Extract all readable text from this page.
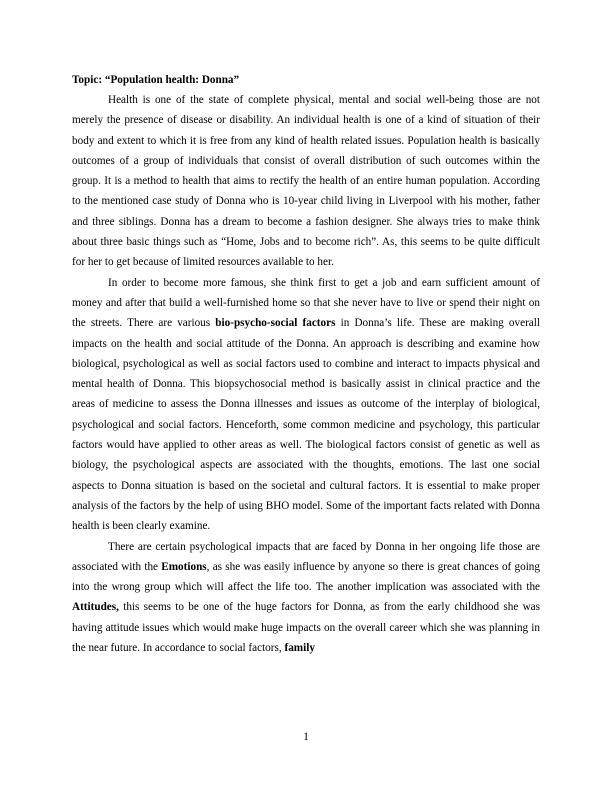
Topic: “Population health: Donna”

Health is one of the state of complete physical, mental and social well-being those are not merely the presence of disease or disability. An individual health is one of a kind of situation of their body and extent to which it is free from any kind of health related issues. Population health is basically outcomes of a group of individuals that consist of overall distribution of such outcomes within the group. It is a method to health that aims to rectify the health of an entire human population. According to the mentioned case study of Donna who is 10-year child living in Liverpool with his mother, father and three siblings. Donna has a dream to become a fashion designer. She always tries to make think about three basic things such as “Home, Jobs and to become rich”. As, this seems to be quite difficult for her to get because of limited resources available to her.

In order to become more famous, she think first to get a job and earn sufficient amount of money and after that build a well-furnished home so that she never have to live or spend their night on the streets. There are various bio-psycho-social factors in Donna’s life. These are making overall impacts on the health and social attitude of the Donna. An approach is describing and examine how biological, psychological as well as social factors used to combine and interact to impacts physical and mental health of Donna. This biopsychosocial method is basically assist in clinical practice and the areas of medicine to assess the Donna illnesses and issues as outcome of the interplay of biological, psychological and social factors. Henceforth, some common medicine and psychology, this particular factors would have applied to other areas as well. The biological factors consist of genetic as well as biology, the psychological aspects are associated with the thoughts, emotions. The last one social aspects to Donna situation is based on the societal and cultural factors. It is essential to make proper analysis of the factors by the help of using BHO model. Some of the important facts related with Donna health is been clearly examine.

There are certain psychological impacts that are faced by Donna in her ongoing life those are associated with the Emotions, as she was easily influence by anyone so there is great chances of going into the wrong group which will affect the life too. The another implication was associated with the Attitudes, this seems to be one of the huge factors for Donna, as from the early childhood she was having attitude issues which would make huge impacts on the overall career which she was planning in the near future. In accordance to social factors, family

1
